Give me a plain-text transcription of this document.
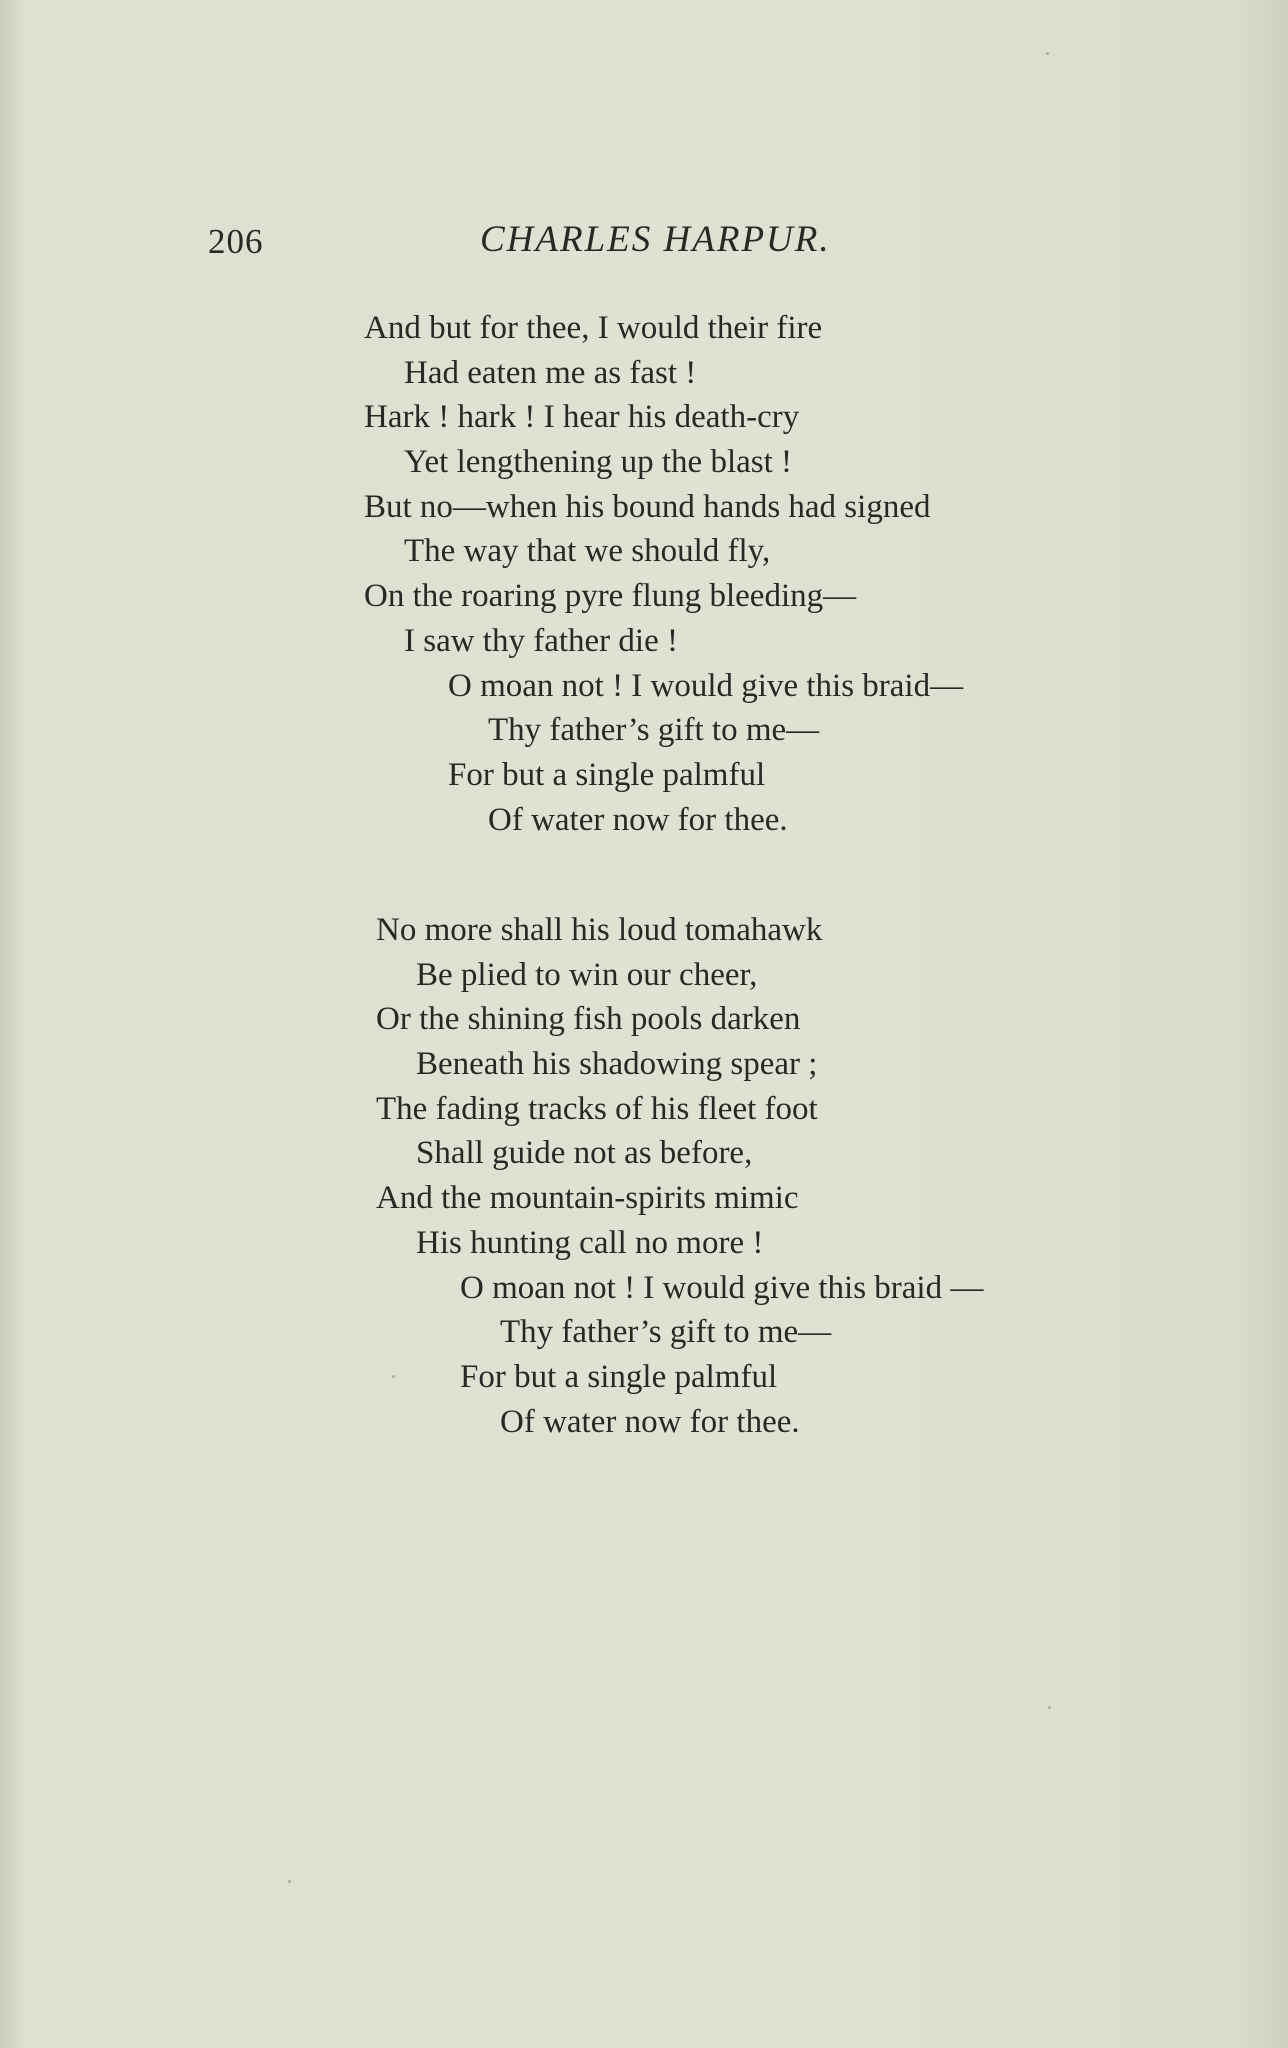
206	CHARLES HARPUR.
And but for thee, I would their fire
Had eaten me as fast !
Hark ! hark ! I hear his death-cry
Yet lengthening up the blast !
But no—when his bound hands had signed
The way that we should fly,
On the roaring pyre flung bleeding—
I saw thy father die !
O moan not ! I would give this braid—
Thy father’s gift to me—
For but a single palmful
Of water now for thee.
No more shall his loud tomahawk
Be plied to win our cheer,
Or the shining fish pools darken
Beneath his shadowing spear ;
The fading tracks of his fleet foot
Shall guide not as before,
And the mountain-spirits mimic
His hunting call no more !
O moan not ! I would give this braid —
Thy father’s gift to me—
For but a single palmful
Of water now for thee.
